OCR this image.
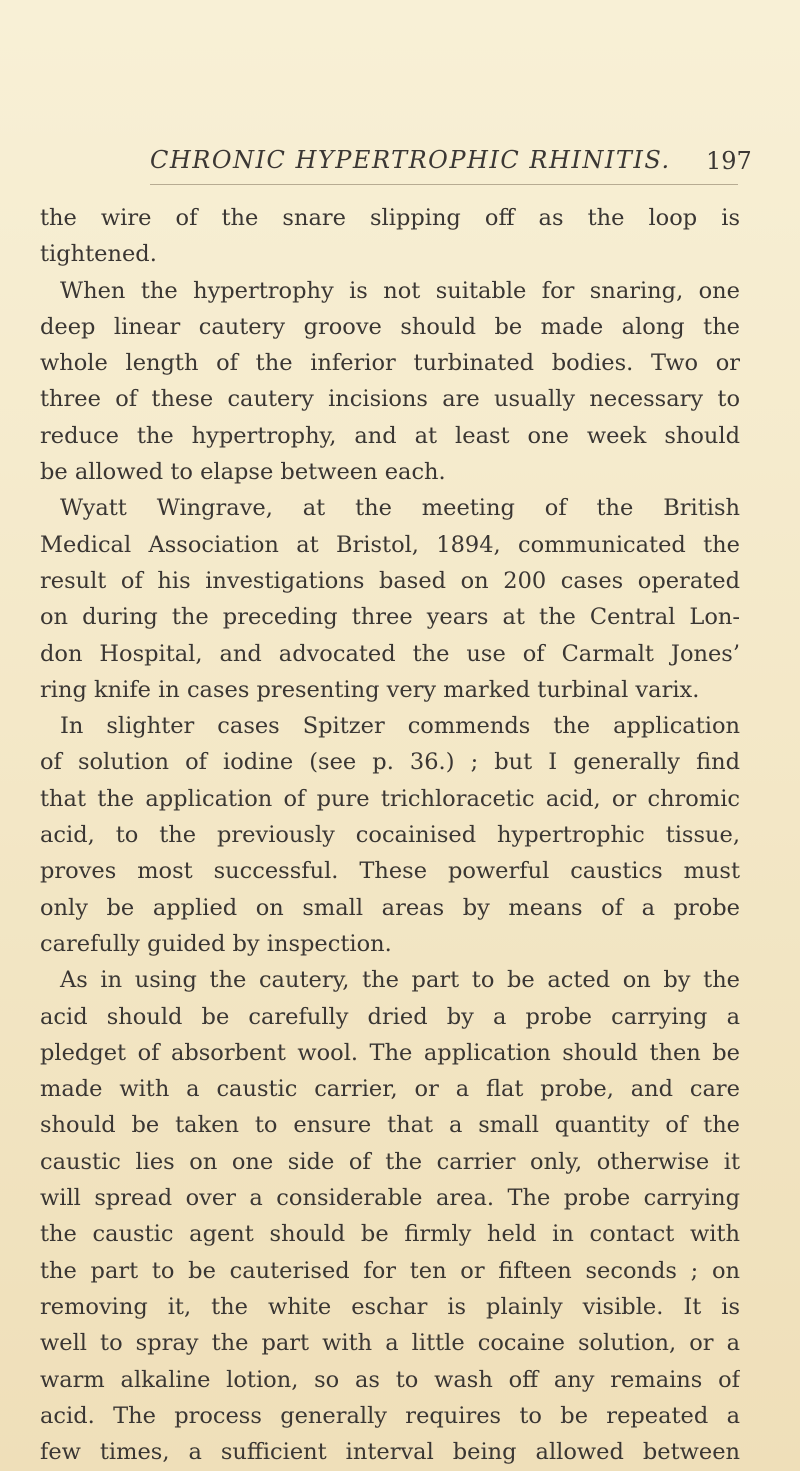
CHRONIC HYPERTROPHIC RHINITIS. 197
the wire of the snare slipping off as the loop is
tightened.
When the hypertrophy is not suitable for snaring, one
deep linear cautery groove should be made along the
whole length of the inferior turbinated bodies. Two or
three of these cautery incisions are usually necessary to
reduce the hypertrophy, and at least one week should
be allowed to elapse between each.
Wyatt Wingrave, at the meeting of the British
Medical Association at Bristol, 1894, communicated the
result of his investigations based on 200 cases operated
on during the preceding three years at the Central Lon-
don Hospital, and advocated the use of Carmalt Jones’
ring knife in cases presenting very marked turbinal varix.
In slighter cases Spitzer commends the application
of solution of iodine (see p. 36.) ; but I generally find
that the application of pure trichloracetic acid, or chromic
acid, to the previously cocainised hypertrophic tissue,
proves most successful. These powerful caustics must
only be applied on small areas by means of a probe
carefully guided by inspection.
As in using the cautery, the part to be acted on by the
acid should be carefully dried by a probe carrying a
pledget of absorbent wool. The application should then be
made with a caustic carrier, or a flat probe, and care
should be taken to ensure that a small quantity of the
caustic lies on one side of the carrier only, otherwise it
will spread over a considerable area. The probe carrying
the caustic agent should be firmly held in contact with
the part to be cauterised for ten or fifteen seconds ; on
removing it, the white eschar is plainly visible. It is
well to spray the part with a little cocaine solution, or a
warm alkaline lotion, so as to wash off any remains of
acid. The process generally requires to be repeated a
few times, a sufficient interval being allowed between
